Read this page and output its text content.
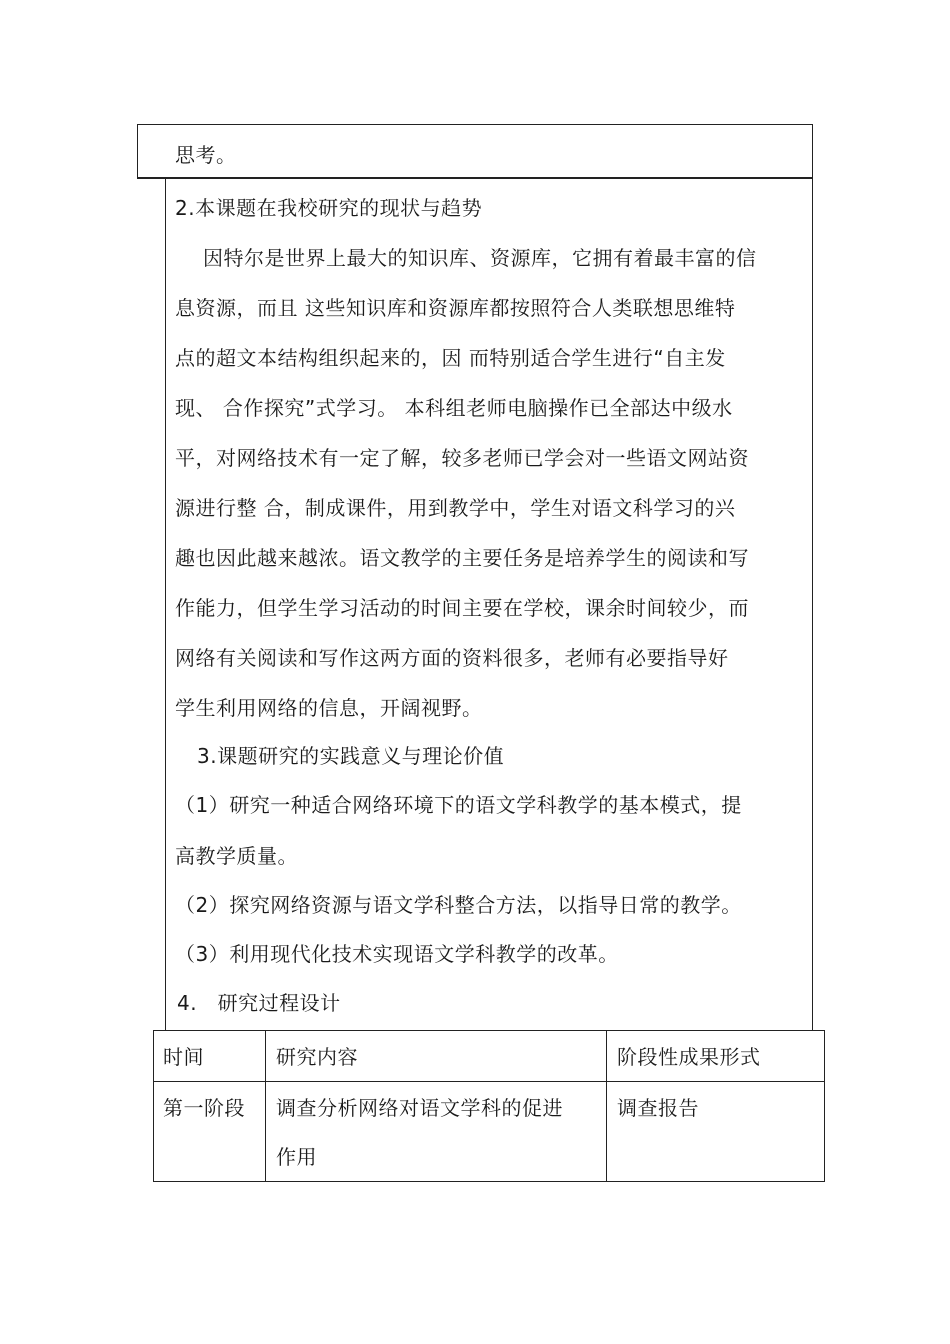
思考。
2.本课题在我校研究的现状与趋势
因特尔是世界上最大的知识库、资源库，它拥有着最丰富的信
息资源，而且 这些知识库和资源库都按照符合人类联想思维特
点的超文本结构组织起来的，因 而特别适合学生进行“自主发
现、 合作探究”式学习。 本科组老师电脑操作已全部达中级水
平，对网络技术有一定了解，较多老师已学会对一些语文网站资
源进行整 合，制成课件，用到教学中，学生对语文科学习的兴
趣也因此越来越浓。语文教学的主要任务是培养学生的阅读和写
作能力，但学生学习活动的时间主要在学校，课余时间较少，而
网络有关阅读和写作这两方面的资料很多，老师有必要指导好
学生利用网络的信息，开阔视野。
3.课题研究的实践意义与理论价值
（1）研究一种适合网络环境下的语文学科教学的基本模式，提
高教学质量。
（2）探究网络资源与语文学科整合方法，以指导日常的教学。
（3）利用现代化技术实现语文学科教学的改革。
4.   研究过程设计
时间	研究内容	阶段性成果形式
第一阶段 调查分析网络对语文学科的促进
作用
调查报告
